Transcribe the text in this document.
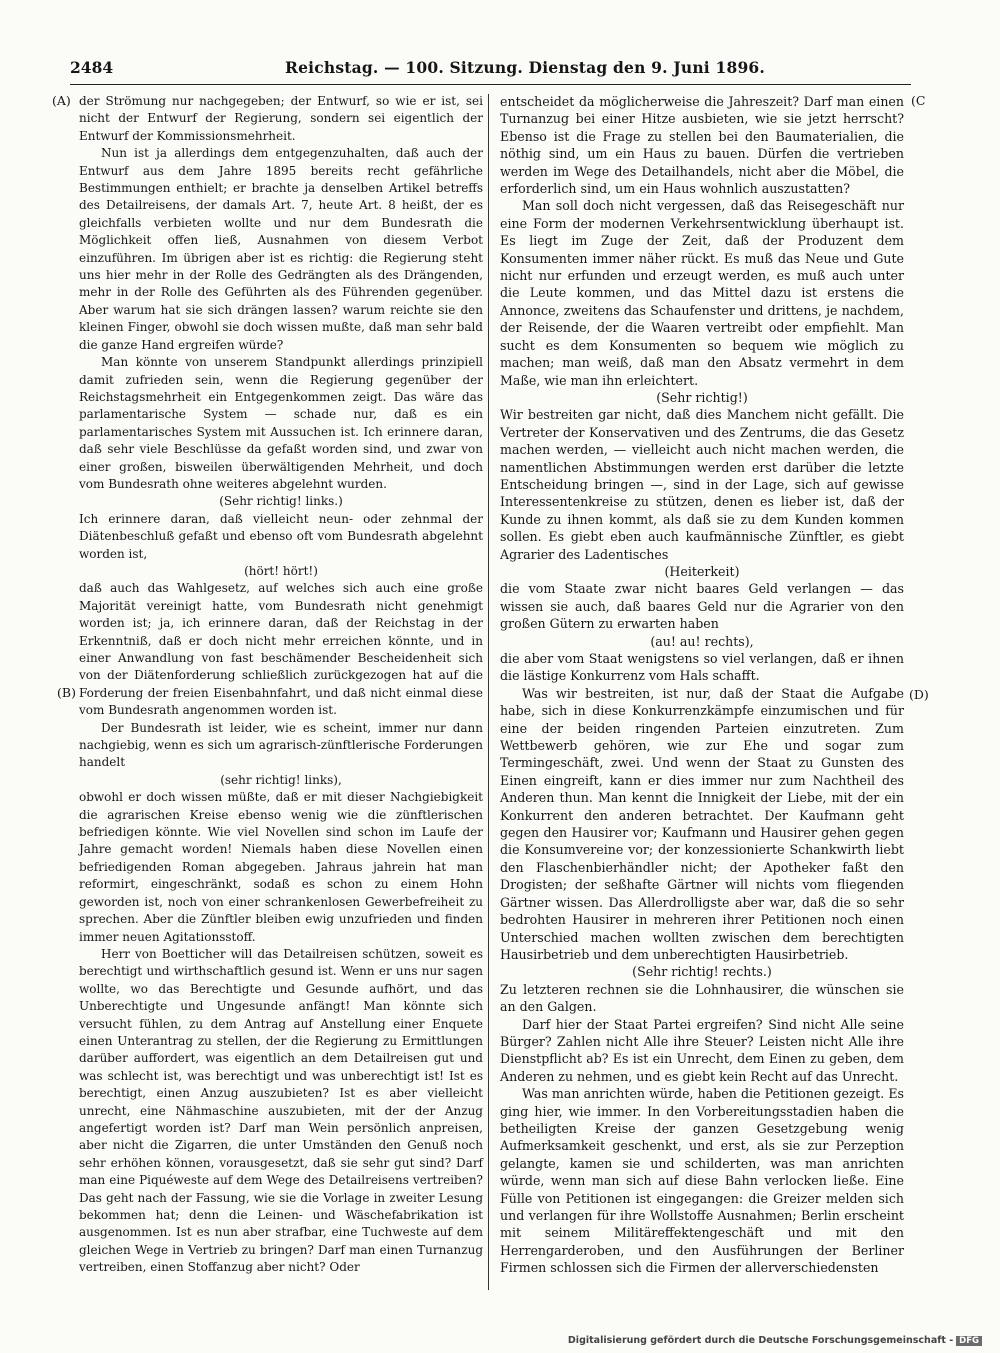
2484	Reichstag. — 100. Sitzung. Dienstag den 9. Juni 1896.
(A)
(B)
(C
(D)

der Strömung nur nachgegeben; der Entwurf, so wie er ist, sei nicht der Entwurf der Regierung, sondern sei eigentlich der Entwurf der Kommissionsmehrheit.

Nun ist ja allerdings dem entgegenzuhalten, daß auch der Entwurf aus dem Jahre 1895 bereits recht gefährliche Bestimmungen enthielt; er brachte ja denselben Artikel betreffs des Detailreisens, der damals Art. 7, heute Art. 8 heißt, der es gleichfalls verbieten wollte und nur dem Bundesrath die Möglichkeit offen ließ, Ausnahmen von diesem Verbot einzuführen. Im übrigen aber ist es richtig: die Regierung steht uns hier mehr in der Rolle des Gedrängten als des Drängenden, mehr in der Rolle des Geführten als des Führenden gegenüber. Aber warum hat sie sich drängen lassen? warum reichte sie den kleinen Finger, obwohl sie doch wissen mußte, daß man sehr bald die ganze Hand ergreifen würde?

Man könnte von unserem Standpunkt allerdings prinzipiell damit zufrieden sein, wenn die Regierung gegenüber der Reichstagsmehrheit ein Entgegenkommen zeigt. Das wäre das parlamentarische System — schade nur, daß es ein parlamentarisches System mit Aussuchen ist. Ich erinnere daran, daß sehr viele Beschlüsse da gefaßt worden sind, und zwar von einer großen, bisweilen überwältigenden Mehrheit, und doch vom Bundesrath ohne weiteres abgelehnt wurden.

(Sehr richtig! links.)

Ich erinnere daran, daß vielleicht neun- oder zehnmal der Diätenbeschluß gefaßt und ebenso oft vom Bundesrath abgelehnt worden ist,

(hört! hört!)

daß auch das Wahlgesetz, auf welches sich auch eine große Majorität vereinigt hatte, vom Bundesrath nicht genehmigt worden ist; ja, ich erinnere daran, daß der Reichstag in der Erkenntniß, daß er doch nicht mehr erreichen könnte, und in einer Anwandlung von fast beschämender Bescheidenheit sich von der Diätenforderung schließlich zurückgezogen hat auf die Forderung der freien Eisenbahnfahrt, und daß nicht einmal diese vom Bundesrath angenommen worden ist.

Der Bundesrath ist leider, wie es scheint, immer nur dann nachgiebig, wenn es sich um agrarisch-zünftlerische Forderungen handelt

(sehr richtig! links),

obwohl er doch wissen müßte, daß er mit dieser Nachgiebigkeit die agrarischen Kreise ebenso wenig wie die zünftlerischen befriedigen könnte. Wie viel Novellen sind schon im Laufe der Jahre gemacht worden! Niemals haben diese Novellen einen befriedigenden Roman abgegeben. Jahraus jahrein hat man reformirt, eingeschränkt, sodaß es schon zu einem Hohn geworden ist, noch von einer schrankenlosen Gewerbefreiheit zu sprechen. Aber die Zünftler bleiben ewig unzufrieden und finden immer neuen Agitationsstoff.

Herr von Boetticher will das Detailreisen schützen, soweit es berechtigt und wirthschaftlich gesund ist. Wenn er uns nur sagen wollte, wo das Berechtigte und Gesunde aufhört, und das Unberechtigte und Ungesunde anfängt! Man könnte sich versucht fühlen, zu dem Antrag auf Anstellung einer Enquete einen Unterantrag zu stellen, der die Regierung zu Ermittlungen darüber auffordert, was eigentlich an dem Detailreisen gut und was schlecht ist, was berechtigt und was unberechtigt ist! Ist es berechtigt, einen Anzug auszubieten? Ist es aber vielleicht unrecht, eine Nähmaschine auszubieten, mit der der Anzug angefertigt worden ist? Darf man Wein persönlich anpreisen, aber nicht die Zigarren, die unter Umständen den Genuß noch sehr erhöhen können, vorausgesetzt, daß sie sehr gut sind? Darf man eine Piquéweste auf dem Wege des Detailreisens vertreiben? Das geht nach der Fassung, wie sie die Vorlage in zweiter Lesung bekommen hat; denn die Leinen- und Wäschefabrikation ist ausgenommen. Ist es nun aber strafbar, eine Tuchweste auf dem gleichen Wege in Vertrieb zu bringen? Darf man einen Turnanzug vertreiben, einen Stoffanzug aber nicht? Oder

entscheidet da möglicherweise die Jahreszeit? Darf man einen Turnanzug bei einer Hitze ausbieten, wie sie jetzt herrscht? Ebenso ist die Frage zu stellen bei den Baumaterialien, die nöthig sind, um ein Haus zu bauen. Dürfen die vertrieben werden im Wege des Detailhandels, nicht aber die Möbel, die erforderlich sind, um ein Haus wohnlich auszustatten?

Man soll doch nicht vergessen, daß das Reisegeschäft nur eine Form der modernen Verkehrsentwicklung überhaupt ist. Es liegt im Zuge der Zeit, daß der Produzent dem Konsumenten immer näher rückt. Es muß das Neue und Gute nicht nur erfunden und erzeugt werden, es muß auch unter die Leute kommen, und das Mittel dazu ist erstens die Annonce, zweitens das Schaufenster und drittens, je nachdem, der Reisende, der die Waaren vertreibt oder empfiehlt. Man sucht es dem Konsumenten so bequem wie möglich zu machen; man weiß, daß man den Absatz vermehrt in dem Maße, wie man ihn erleichtert.

(Sehr richtig!)

Wir bestreiten gar nicht, daß dies Manchem nicht gefällt. Die Vertreter der Konservativen und des Zentrums, die das Gesetz machen werden, — vielleicht auch nicht machen werden, die namentlichen Abstimmungen werden erst darüber die letzte Entscheidung bringen —, sind in der Lage, sich auf gewisse Interessentenkreise zu stützen, denen es lieber ist, daß der Kunde zu ihnen kommt, als daß sie zu dem Kunden kommen sollen. Es giebt eben auch kaufmännische Zünftler, es giebt Agrarier des Ladentisches

(Heiterkeit)

die vom Staate zwar nicht baares Geld verlangen — das wissen sie auch, daß baares Geld nur die Agrarier von den großen Gütern zu erwarten haben

(au! au! rechts),

die aber vom Staat wenigstens so viel verlangen, daß er ihnen die lästige Konkurrenz vom Hals schafft.

Was wir bestreiten, ist nur, daß der Staat die Aufgabe habe, sich in diese Konkurrenzkämpfe einzumischen und für eine der beiden ringenden Parteien einzutreten. Zum Wettbewerb gehören, wie zur Ehe und sogar zum Termingeschäft, zwei. Und wenn der Staat zu Gunsten des Einen eingreift, kann er dies immer nur zum Nachtheil des Anderen thun. Man kennt die Innigkeit der Liebe, mit der ein Konkurrent den anderen betrachtet. Der Kaufmann geht gegen den Hausirer vor; Kaufmann und Hausirer gehen gegen die Konsumvereine vor; der konzessionierte Schankwirth liebt den Flaschenbierhändler nicht; der Apotheker faßt den Drogisten; der seßhafte Gärtner will nichts vom fliegenden Gärtner wissen. Das Allerdrolligste aber war, daß die so sehr bedrohten Hausirer in mehreren ihrer Petitionen noch einen Unterschied machen wollten zwischen dem berechtigten Hausirbetrieb und dem unberechtigten Hausirbetrieb.

(Sehr richtig! rechts.)

Zu letzteren rechnen sie die Lohnhausirer, die wünschen sie an den Galgen.

Darf hier der Staat Partei ergreifen? Sind nicht Alle seine Bürger? Zahlen nicht Alle ihre Steuer? Leisten nicht Alle ihre Dienstpflicht ab? Es ist ein Unrecht, dem Einen zu geben, dem Anderen zu nehmen, und es giebt kein Recht auf das Unrecht.

Was man anrichten würde, haben die Petitionen gezeigt. Es ging hier, wie immer. In den Vorbereitungsstadien haben die betheiligten Kreise der ganzen Gesetzgebung wenig Aufmerksamkeit geschenkt, und erst, als sie zur Perzeption gelangte, kamen sie und schilderten, was man anrichten würde, wenn man sich auf diese Bahn verlocken ließe. Eine Fülle von Petitionen ist eingegangen: die Greizer melden sich und verlangen für ihre Wollstoffe Ausnahmen; Berlin erscheint mit seinem Militäreffektengeschäft und mit den Herrengarderoben, und den Ausführungen der Berliner Firmen schlossen sich die Firmen der allerverschiedensten

Digitalisierung gefördert durch die Deutsche Forschungsgemeinschaft - DFG
